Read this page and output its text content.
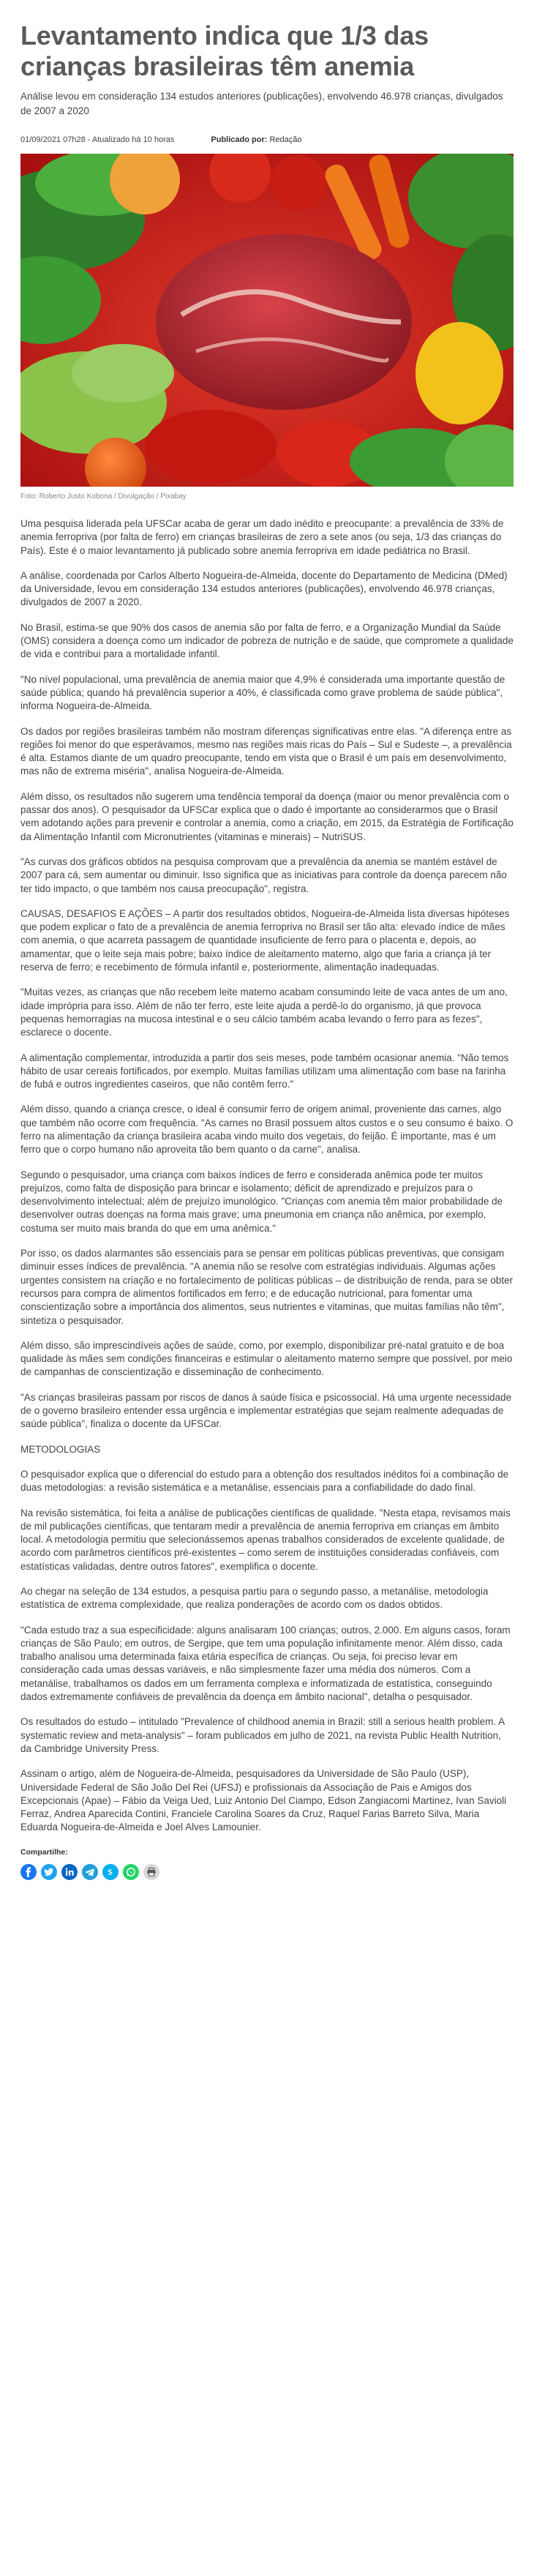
Levantamento indica que 1/3 das crianças brasileiras têm anemia

Análise levou em consideração 134 estudos anteriores (publicações), envolvendo 46.978 crianças, divulgados de 2007 a 2020

01/09/2021 07h28 - Atualizado há 10 horas	Publicado por: Redação
Foto: Roberto Justo Kobona / Divulgação / Pixabay

Uma pesquisa liderada pela UFSCar acaba de gerar um dado inédito e preocupante: a prevalência de 33% de anemia ferropriva (por falta de ferro) em crianças brasileiras de zero a sete anos (ou seja, 1/3 das crianças do País). Este é o maior levantamento já publicado sobre anemia ferropriva em idade pediátrica no Brasil.

A análise, coordenada por Carlos Alberto Nogueira-de-Almeida, docente do Departamento de Medicina (DMed) da Universidade, levou em consideração 134 estudos anteriores (publicações), envolvendo 46.978 crianças, divulgados de 2007 a 2020.

No Brasil, estima-se que 90% dos casos de anemia são por falta de ferro, e a Organização Mundial da Saúde (OMS) considera a doença como um indicador de pobreza de nutrição e de saúde, que compromete a qualidade de vida e contribui para a mortalidade infantil.

"No nível populacional, uma prevalência de anemia maior que 4,9% é considerada uma importante questão de saúde pública; quando há prevalência superior a 40%, é classificada como grave problema de saúde pública", informa Nogueira-de-Almeida.

Os dados por regiões brasileiras também não mostram diferenças significativas entre elas. "A diferença entre as regiões foi menor do que esperávamos, mesmo nas regiões mais ricas do País – Sul e Sudeste –, a prevalência é alta. Estamos diante de um quadro preocupante, tendo em vista que o Brasil é um país em desenvolvimento, mas não de extrema miséria", analisa Nogueira-de-Almeida.

Além disso, os resultados não sugerem uma tendência temporal da doença (maior ou menor prevalência com o passar dos anos). O pesquisador da UFSCar explica que o dado é importante ao considerarmos que o Brasil vem adotando ações para prevenir e controlar a anemia, como a criação, em 2015, da Estratégia de Fortificação da Alimentação Infantil com Micronutrientes (vitaminas e minerais) – NutriSUS.

"As curvas dos gráficos obtidos na pesquisa comprovam que a prevalência da anemia se mantém estável de 2007 para cá, sem aumentar ou diminuir. Isso significa que as iniciativas para controle da doença parecem não ter tido impacto, o que também nos causa preocupação", registra.

CAUSAS, DESAFIOS E AÇÕES – A partir dos resultados obtidos, Nogueira-de-Almeida lista diversas hipóteses que podem explicar o fato de a prevalência de anemia ferropriva no Brasil ser tão alta: elevado índice de mães com anemia, o que acarreta passagem de quantidade insuficiente de ferro para o placenta e, depois, ao amamentar, que o leite seja mais pobre; baixo índice de aleitamento materno, algo que faria a criança já ter reserva de ferro; e recebimento de fórmula infantil e, posteriormente, alimentação inadequadas.

"Muitas vezes, as crianças que não recebem leite materno acabam consumindo leite de vaca antes de um ano, idade imprópria para isso. Além de não ter ferro, este leite ajuda a perdê-lo do organismo, já que provoca pequenas hemorragias na mucosa intestinal e o seu cálcio também acaba levando o ferro para as fezes", esclarece o docente.

A alimentação complementar, introduzida a partir dos seis meses, pode também ocasionar anemia. "Não temos hábito de usar cereais fortificados, por exemplo. Muitas famílias utilizam uma alimentação com base na farinha de fubá e outros ingredientes caseiros, que não contêm ferro."

Além disso, quando a criança cresce, o ideal é consumir ferro de origem animal, proveniente das carnes, algo que também não ocorre com frequência. "As carnes no Brasil possuem altos custos e o seu consumo é baixo. O ferro na alimentação da criança brasileira acaba vindo muito dos vegetais, do feijão. É importante, mas é um ferro que o corpo humano não aproveita tão bem quanto o da carne", analisa.

Segundo o pesquisador, uma criança com baixos índices de ferro e considerada anêmica pode ter muitos prejuízos, como falta de disposição para brincar e isolamento; déficit de aprendizado e prejuízos para o desenvolvimento intelectual; além de prejuízo imunológico. "Crianças com anemia têm maior probabilidade de desenvolver outras doenças na forma mais grave; uma pneumonia em criança não anêmica, por exemplo, costuma ser muito mais branda do que em uma anêmica."

Por isso, os dados alarmantes são essenciais para se pensar em políticas públicas preventivas, que consigam diminuir esses índices de prevalência. "A anemia não se resolve com estratégias individuais. Algumas ações urgentes consistem na criação e no fortalecimento de políticas públicas – de distribuição de renda, para se obter recursos para compra de alimentos fortificados em ferro; e de educação nutricional, para fomentar uma conscientização sobre a importância dos alimentos, seus nutrientes e vitaminas, que muitas famílias não têm", sintetiza o pesquisador.

Além disso, são imprescindíveis ações de saúde, como, por exemplo, disponibilizar pré-natal gratuito e de boa qualidade às mães sem condições financeiras e estimular o aleitamento materno sempre que possível, por meio de campanhas de conscientização e disseminação de conhecimento.

"As crianças brasileiras passam por riscos de danos à saúde física e psicossocial. Há uma urgente necessidade de o governo brasileiro entender essa urgência e implementar estratégias que sejam realmente adequadas de saúde pública", finaliza o docente da UFSCar.

METODOLOGIAS

O pesquisador explica que o diferencial do estudo para a obtenção dos resultados inéditos foi a combinação de duas metodologias: a revisão sistemática e a metanálise, essenciais para a confiabilidade do dado final.

Na revisão sistemática, foi feita a análise de publicações científicas de qualidade. "Nesta etapa, revisamos mais de mil publicações científicas, que tentaram medir a prevalência de anemia ferropriva em crianças em âmbito local. A metodologia permitiu que selecionássemos apenas trabalhos considerados de excelente qualidade, de acordo com parâmetros científicos pré-existentes – como serem de instituições consideradas confiáveis, com estatísticas validadas, dentre outros fatores", exemplifica o docente.

Ao chegar na seleção de 134 estudos, a pesquisa partiu para o segundo passo, a metanálise, metodologia estatística de extrema complexidade, que realiza ponderações de acordo com os dados obtidos.

"Cada estudo traz a sua especificidade: alguns analisaram 100 crianças; outros, 2.000. Em alguns casos, foram crianças de São Paulo; em outros, de Sergipe, que tem uma população infinitamente menor. Além disso, cada trabalho analisou uma determinada faixa etária específica de crianças. Ou seja, foi preciso levar em consideração cada umas dessas variáveis, e não simplesmente fazer uma média dos números. Com a metanálise, trabalhamos os dados em um ferramenta complexa e informatizada de estatística, conseguindo dados extremamente confiáveis de prevalência da doença em âmbito nacional", detalha o pesquisador.

Os resultados do estudo – intitulado "Prevalence of childhood anemia in Brazil: still a serious health problem. A systematic review and meta-analysis" – foram publicados em julho de 2021, na revista Public Health Nutrition, da Cambridge University Press.

Assinam o artigo, além de Nogueira-de-Almeida, pesquisadores da Universidade de São Paulo (USP), Universidade Federal de São João Del Rei (UFSJ) e profissionais da Associação de Pais e Amigos dos Excepcionais (Apae) – Fábio da Veiga Ued, Luiz Antonio Del Ciampo, Edson Zangiacomi Martinez, Ivan Savioli Ferraz, Andrea Aparecida Contini, Franciele Carolina Soares da Cruz, Raquel Farias Barreto Silva, Maria Eduarda Nogueira-de-Almeida e Joel Alves Lamounier.

Compartilhe:
